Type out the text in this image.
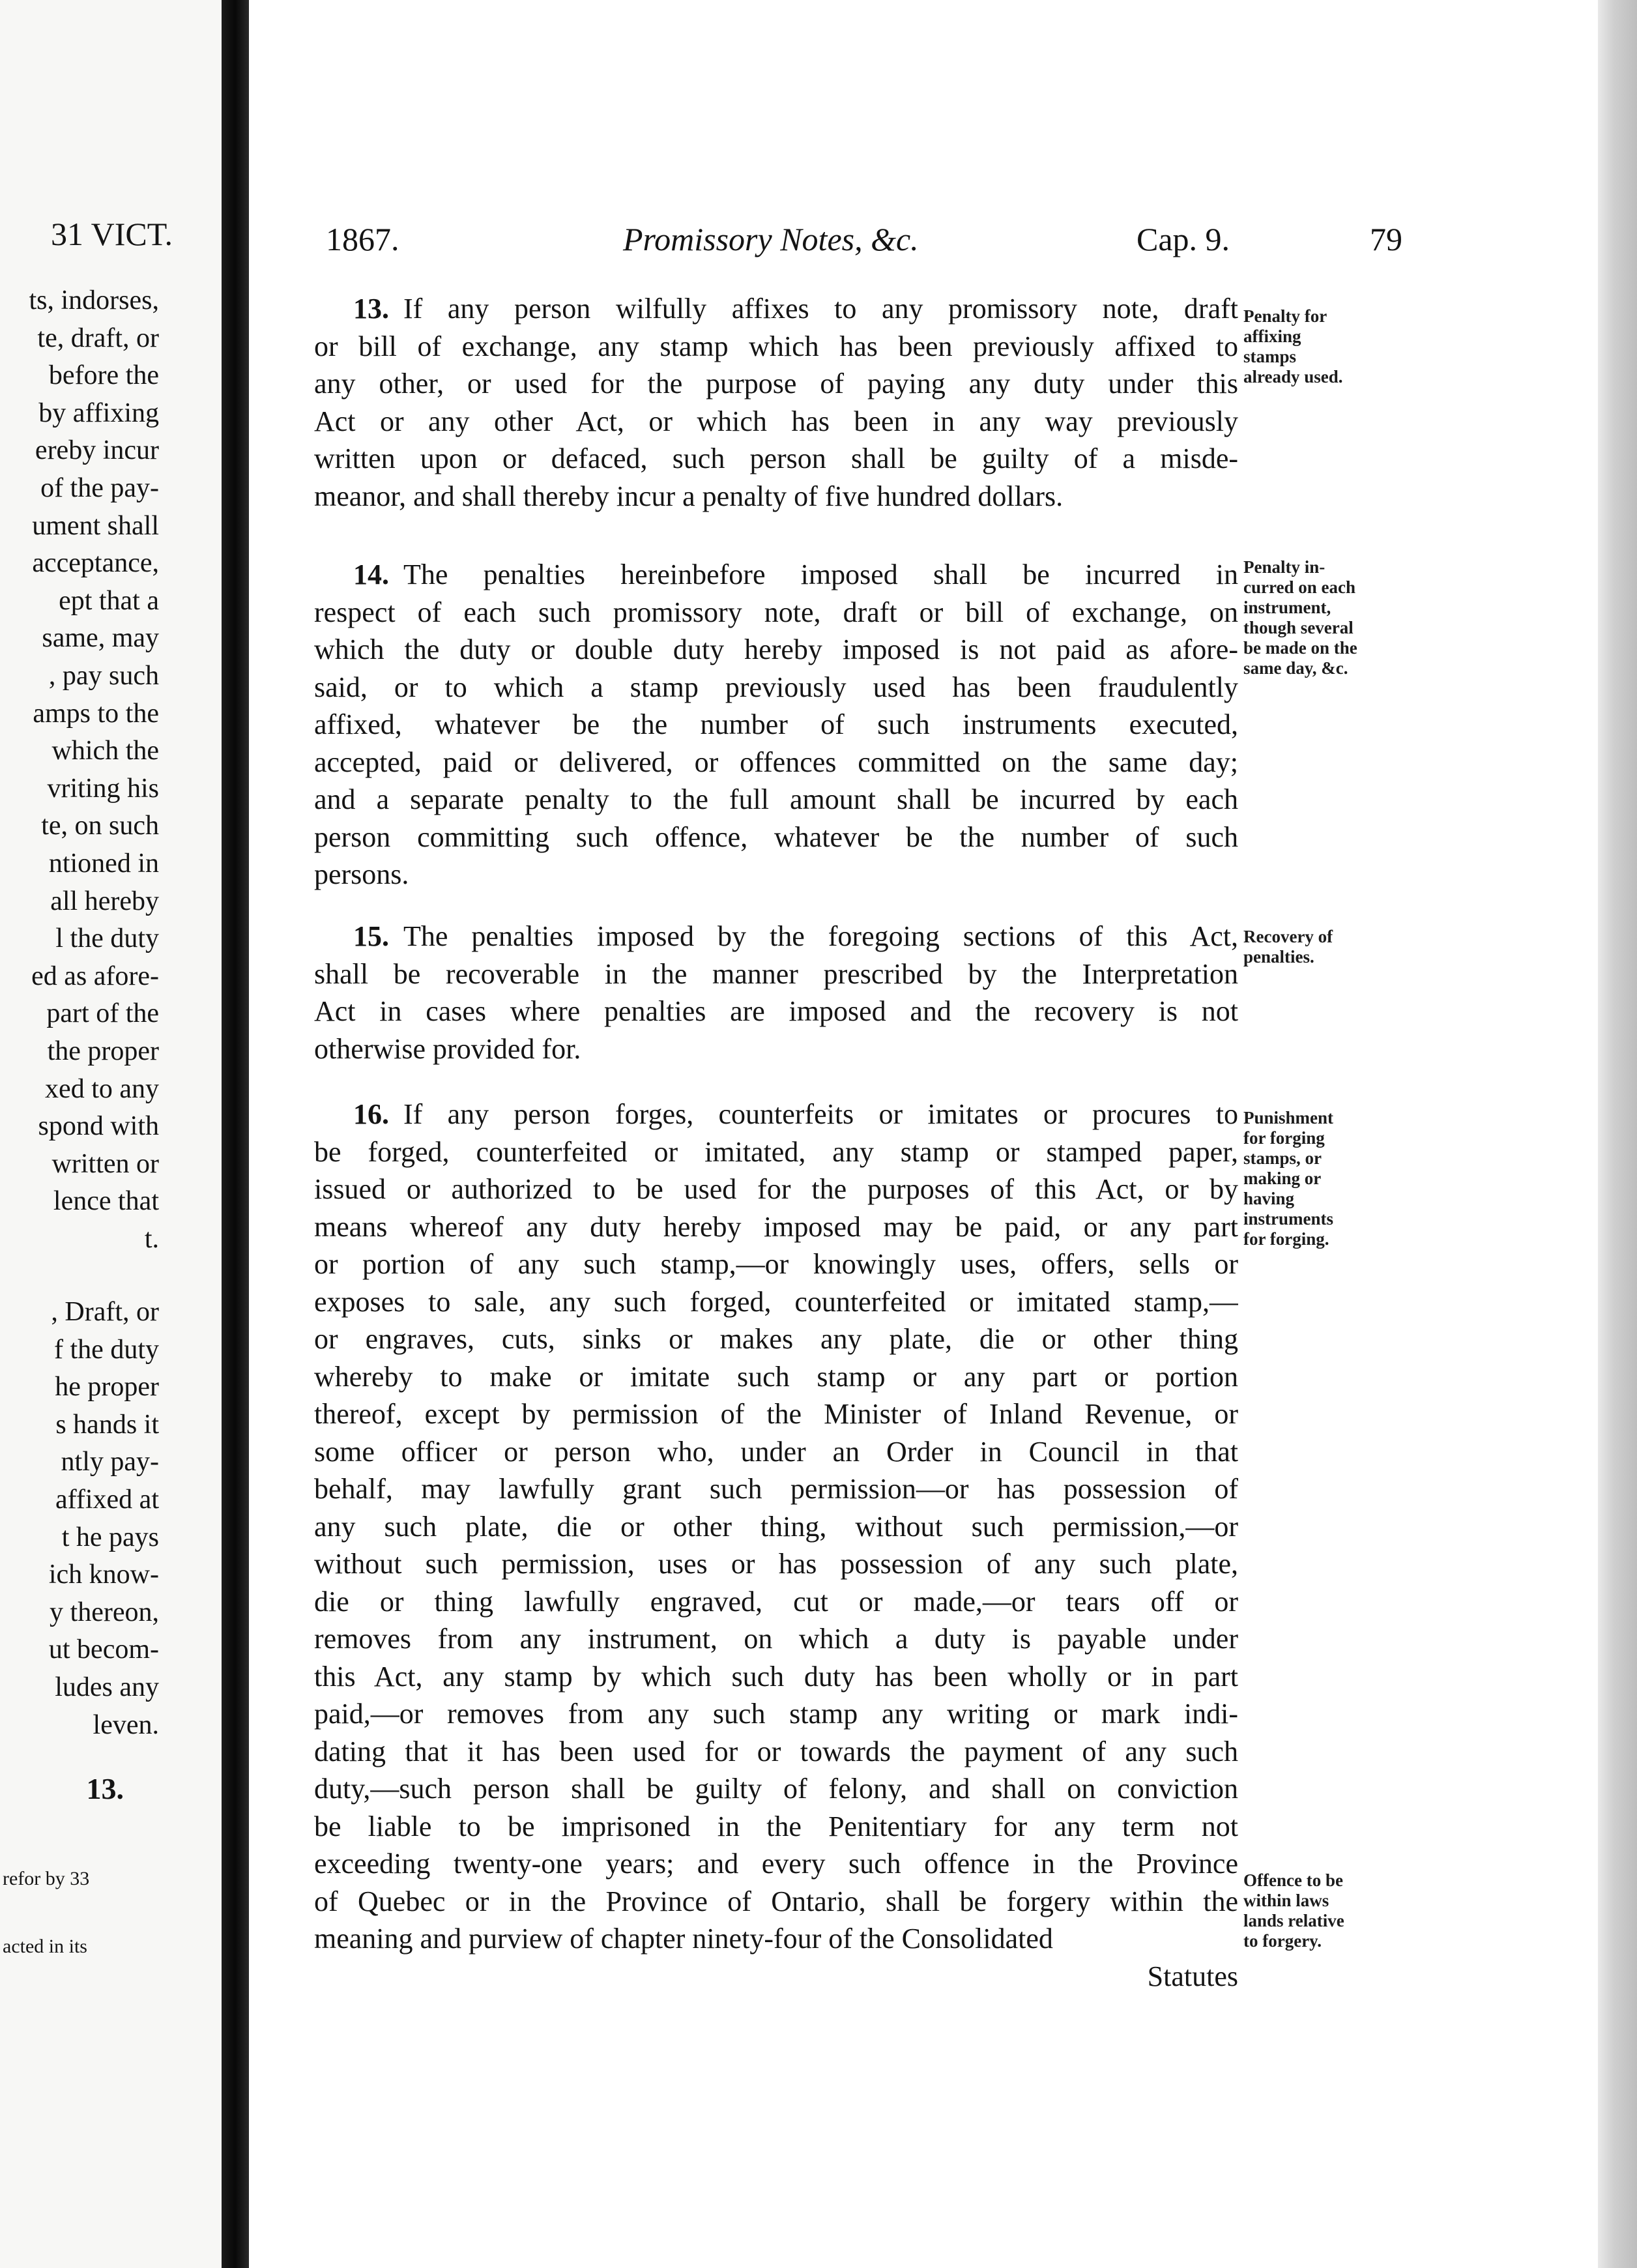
31 VICT.
ts, indorses,
te, draft, or
before the
by affixing
ereby incur
of the pay-
ument shall
acceptance,
ept that a
same, may
, pay such
amps to the
which the
vriting his
te, on such
ntioned in
all hereby
l the duty
ed as afore-
part of the
the proper
xed to any
spond with
written or
lence that
t.
, Draft, or
f the duty
he proper
s hands it
ntly pay-
affixed at
t he pays
ich know-
y thereon,
ut becom-
ludes any
leven.
13.
refor by 33
acted in its
1867.	Promissory Notes, &c.	Cap. 9.	79
13.  If any person wilfully affixes to any promissory note, draft
or bill of exchange, any stamp which has been previously affixed to
any other, or used for the purpose of paying any duty under this
Act or any other Act, or which has been in any way previously
written upon or defaced, such person shall be guilty of a misde-
meanor, and shall thereby incur a penalty of five hundred dollars.
14.  The penalties hereinbefore imposed shall be incurred in
respect of each such promissory note, draft or bill of exchange, on
which the duty or double duty hereby imposed is not paid as afore-
said, or to which a stamp previously used has been fraudulently
affixed, whatever be the number of such instruments executed,
accepted, paid or delivered, or offences committed on the same day;
and a separate penalty to the full amount shall be incurred by each
person committing such offence, whatever be the number of such
persons.
15.  The penalties imposed by the foregoing sections of this Act,
shall be recoverable in the manner prescribed by the Interpretation
Act in cases where penalties are imposed and the recovery is not
otherwise provided for.
16.  If any person forges, counterfeits or imitates or procures to
be forged, counterfeited or imitated, any stamp or stamped paper,
issued or authorized to be used for the purposes of this Act, or by
means whereof any duty hereby imposed may be paid, or any part
or portion of any such stamp,—or knowingly uses, offers, sells or
exposes to sale, any such forged, counterfeited or imitated stamp,—
or engraves, cuts, sinks or makes any plate, die or other thing
whereby to make or imitate such stamp or any part or portion
thereof, except by permission of the Minister of Inland Revenue, or
some officer or person who, under an Order in Council in that
behalf, may lawfully grant such permission—or has possession of
any such plate, die or other thing, without such permission,—or
without such permission, uses or has possession of any such plate,
die or thing lawfully engraved, cut or made,—or tears off or
removes from any instrument, on which a duty is payable under
this Act, any stamp by which such duty has been wholly or in part
paid,—or removes from any such stamp any writing or mark indi-
dating that it has been used for or towards the payment of any such
duty,—such person shall be guilty of felony, and shall on conviction
be liable to be imprisoned in the Penitentiary for any term not
exceeding twenty-one years; and every such offence in the Province
of Quebec or in the Province of Ontario, shall be forgery within the
meaning and purview of chapter ninety-four of the Consolidated
Statutes
Penalty for
affixing
stamps
already used.
Penalty in-
curred on each
instrument,
though several
be made on the
same day, &c.
Recovery of
penalties.
Punishment
for forging
stamps, or
making or
having
instruments
for forging.
Offence to be
within laws
lands relative
to forgery.
